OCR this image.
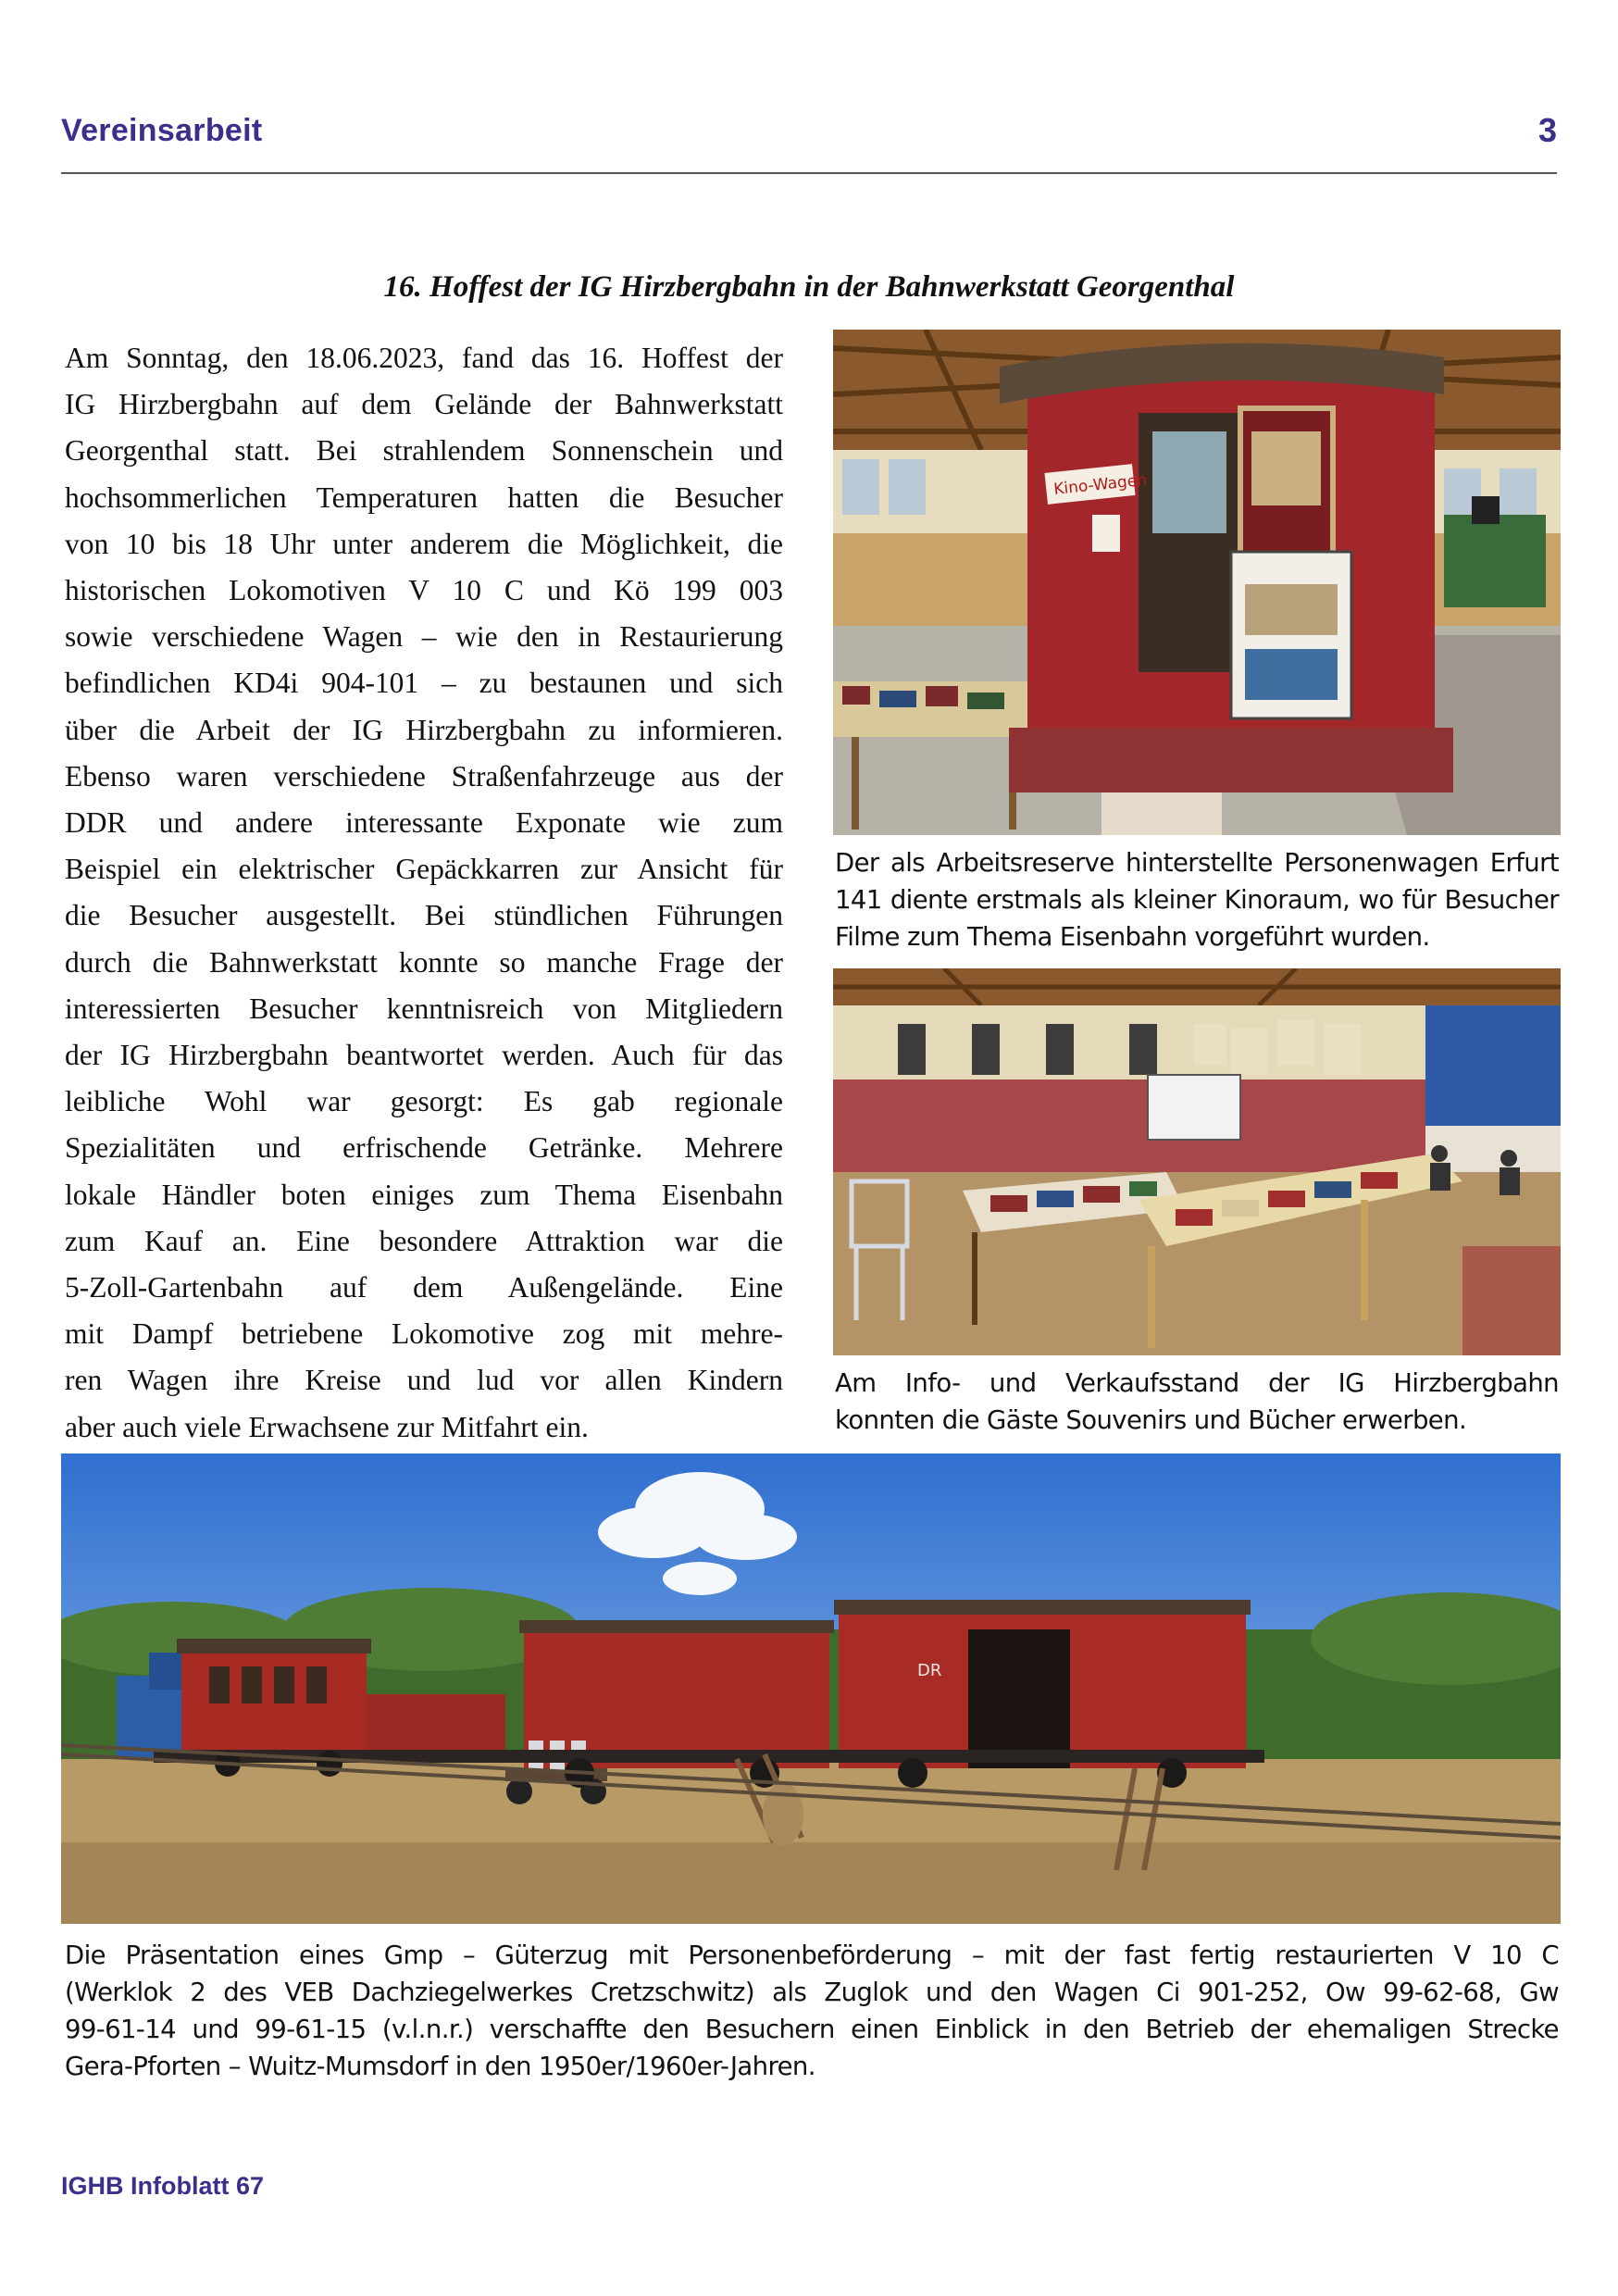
Vereinsarbeit	3
16. Hoffest der IG Hirzbergbahn in der Bahnwerkstatt Georgenthal
Am Sonntag, den 18.06.2023, fand das 16. Hoffest der
IG Hirzbergbahn auf dem Gelände der Bahnwerkstatt
Georgenthal statt. Bei strahlendem Sonnenschein und
hochsommerlichen Temperaturen hatten die Besucher
von 10 bis 18 Uhr unter anderem die Möglichkeit, die
historischen Lokomotiven V 10 C und Kö 199 003
sowie verschiedene Wagen – wie den in Restaurierung
befindlichen KD4i 904-101 – zu bestaunen und sich
über die Arbeit der IG Hirzbergbahn zu informieren.
Ebenso waren verschiedene Straßenfahrzeuge aus der
DDR und andere interessante Exponate wie zum
Beispiel ein elektrischer Gepäckkarren zur Ansicht für
die Besucher ausgestellt. Bei stündlichen Führungen
durch die Bahnwerkstatt konnte so manche Frage der
interessierten Besucher kenntnisreich von Mitgliedern
der IG Hirzbergbahn beantwortet werden. Auch für das
leibliche Wohl war gesorgt: Es gab regionale
Spezialitäten und erfrischende Getränke. Mehrere
lokale Händler boten einiges zum Thema Eisenbahn
zum Kauf an. Eine besondere Attraktion war die
5-Zoll-Gartenbahn auf dem Außengelände. Eine
mit Dampf betriebene Lokomotive zog mit mehre-
ren Wagen ihre Kreise und lud vor allen Kindern
aber auch viele Erwachsene zur Mitfahrt ein.
Kino-Wagen
Der als Arbeitsreserve hinterstellte Personenwagen Erfurt
141 diente erstmals als kleiner Kinoraum, wo für Besucher
Filme zum Thema Eisenbahn vorgeführt wurden.
Am Info- und Verkaufsstand der IG Hirzbergbahn
konnten die Gäste Souvenirs und Bücher erwerben.
DR
Die Präsentation eines Gmp – Güterzug mit Personenbeförderung – mit der fast fertig restaurierten V 10 C
(Werklok 2 des VEB Dachziegelwerkes Cretzschwitz) als Zuglok und den Wagen Ci 901-252, Ow 99-62-68, Gw
99-61-14 und 99-61-15 (v.l.n.r.) verschaffte den Besuchern einen Einblick in den Betrieb der ehemaligen Strecke
Gera-Pforten – Wuitz-Mumsdorf in den 1950er/1960er-Jahren.
IGHB Infoblatt 67
